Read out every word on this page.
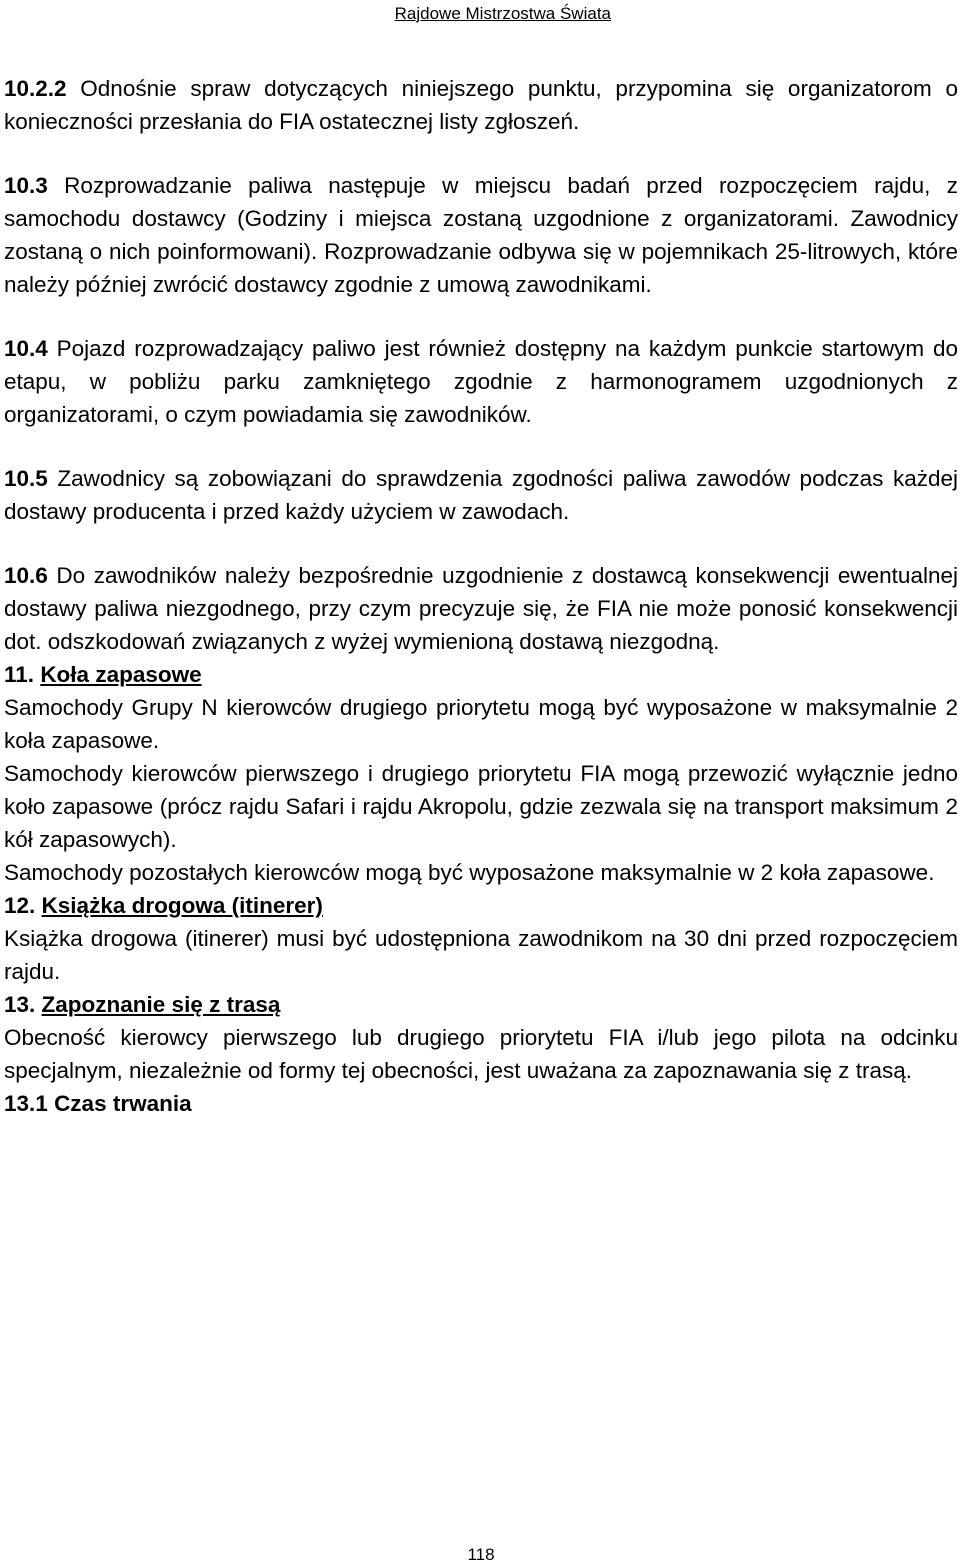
Rajdowe Mistrzostwa Świata

10.2.2 Odnośnie spraw dotyczących niniejszego punktu, przypomina się organizatorom o konieczności przesłania do FIA ostatecznej listy zgłoszeń.

10.3 Rozprowadzanie paliwa następuje w miejscu badań przed rozpoczęciem rajdu, z samochodu dostawcy (Godziny i miejsca zostaną uzgodnione z organizatorami. Zawodnicy zostaną o nich poinformowani). Rozprowadzanie odbywa się w pojemnikach 25-litrowych, które należy później zwrócić dostawcy zgodnie z umową zawodnikami.

10.4 Pojazd rozprowadzający paliwo jest również dostępny na każdym punkcie startowym do etapu, w pobliżu parku zamkniętego zgodnie z harmonogramem uzgodnionych z organizatorami, o czym powiadamia się zawodników.

10.5 Zawodnicy są zobowiązani do sprawdzenia zgodności paliwa zawodów podczas każdej dostawy producenta i przed każdy użyciem w zawodach.

10.6 Do zawodników należy bezpośrednie uzgodnienie z dostawcą konsekwencji ewentualnej dostawy paliwa niezgodnego, przy czym precyzuje się, że FIA nie może ponosić konsekwencji dot. odszkodowań związanych z wyżej wymienioną dostawą niezgodną.

11. Koła zapasowe

Samochody Grupy N kierowców drugiego priorytetu mogą być wyposażone w maksymalnie 2 koła zapasowe.

Samochody kierowców pierwszego i drugiego priorytetu FIA mogą przewozić wyłącznie jedno koło zapasowe (prócz rajdu Safari i rajdu Akropolu, gdzie zezwala się na transport maksimum 2 kół zapasowych).

Samochody pozostałych kierowców mogą być wyposażone maksymalnie w 2 koła zapasowe.

12. Książka drogowa (itinerer)

Książka drogowa (itinerer) musi być udostępniona zawodnikom na 30 dni przed rozpoczęciem rajdu.

13. Zapoznanie się z trasą

Obecność kierowcy pierwszego lub drugiego priorytetu FIA i/lub jego pilota na odcinku specjalnym, niezależnie od formy tej obecności, jest uważana za zapoznawania się z trasą.

13.1 Czas trwania

118
